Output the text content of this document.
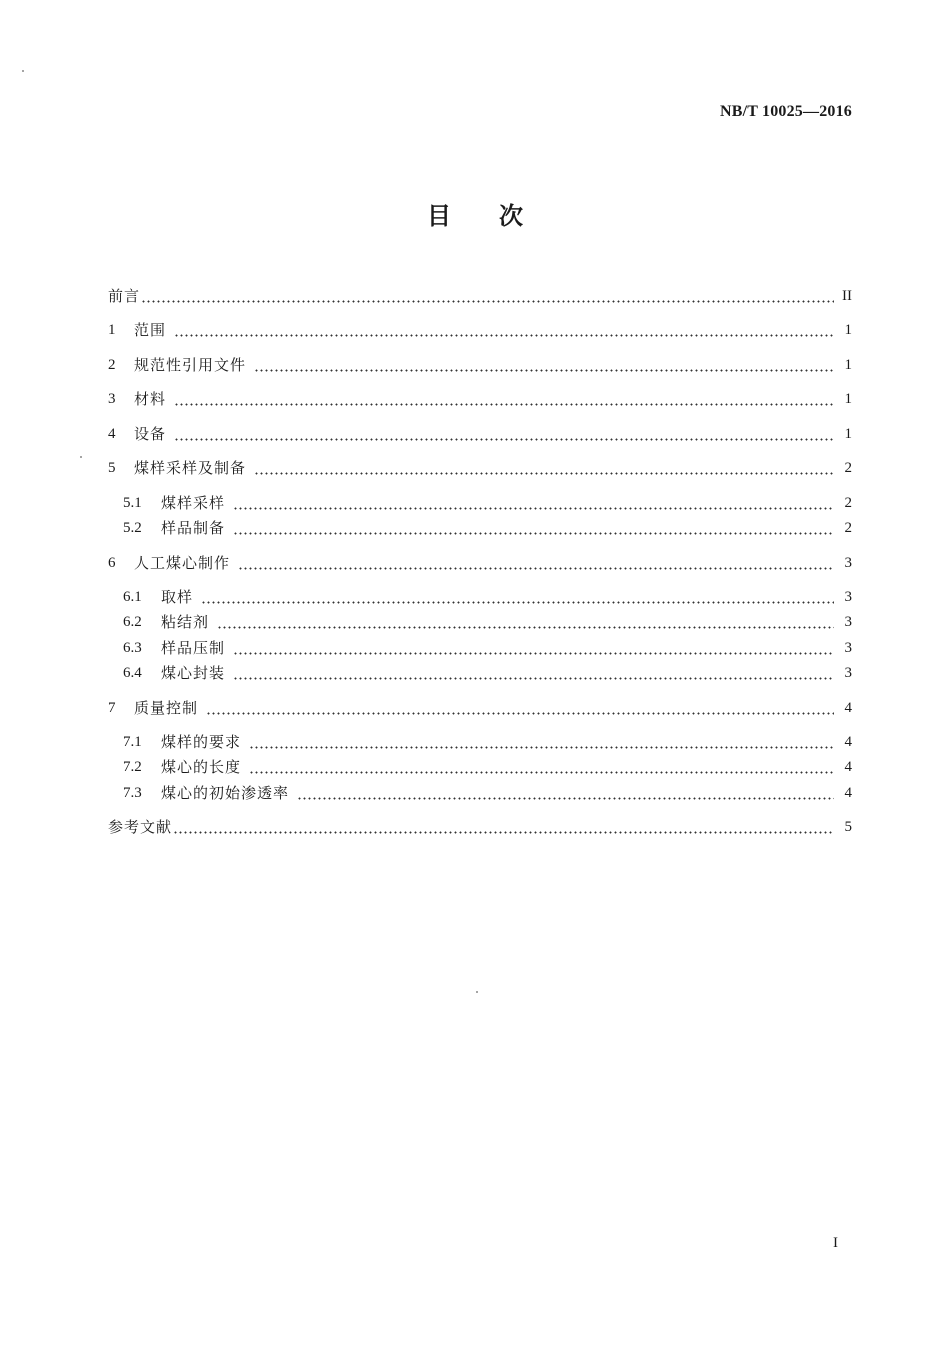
NB/T 10025—2016
目 次
前言	II
1	范围	1
2	规范性引用文件	1
3	材料	1
4	设备	1
5	煤样采样及制备	2
5.1	煤样采样	2
5.2	样品制备	2
6	人工煤心制作	3
6.1	取样	3
6.2	粘结剂	3
6.3	样品压制	3
6.4	煤心封装	3
7	质量控制	4
7.1	煤样的要求	4
7.2	煤心的长度	4
7.3	煤心的初始渗透率	4
参考文献	5
I
